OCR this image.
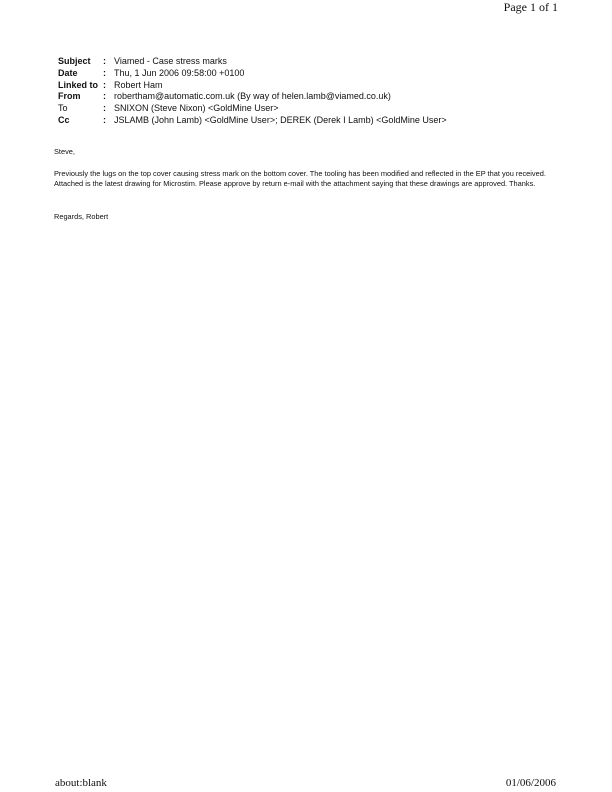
Page 1 of 1
Subject	:	Viamed - Case stress marks
Date	:	Thu, 1 Jun 2006 09:58:00 +0100
Linked to	:	Robert Ham
From	:	robertham@automatic.com.uk (By way of helen.lamb@viamed.co.uk)
To	:	SNIXON (Steve Nixon) <GoldMine User>
Cc	:	JSLAMB (John Lamb) <GoldMine User>; DEREK (Derek I Lamb) <GoldMine User>

Steve,

Previously the lugs on the top cover causing stress mark on the bottom cover. The tooling has been modified and reflected in the EP that you received. Attached is the latest drawing for Microstim. Please approve by return e-mail with the attachment saying that these drawings are approved. Thanks.

Regards, Robert

about:blank	01/06/2006
